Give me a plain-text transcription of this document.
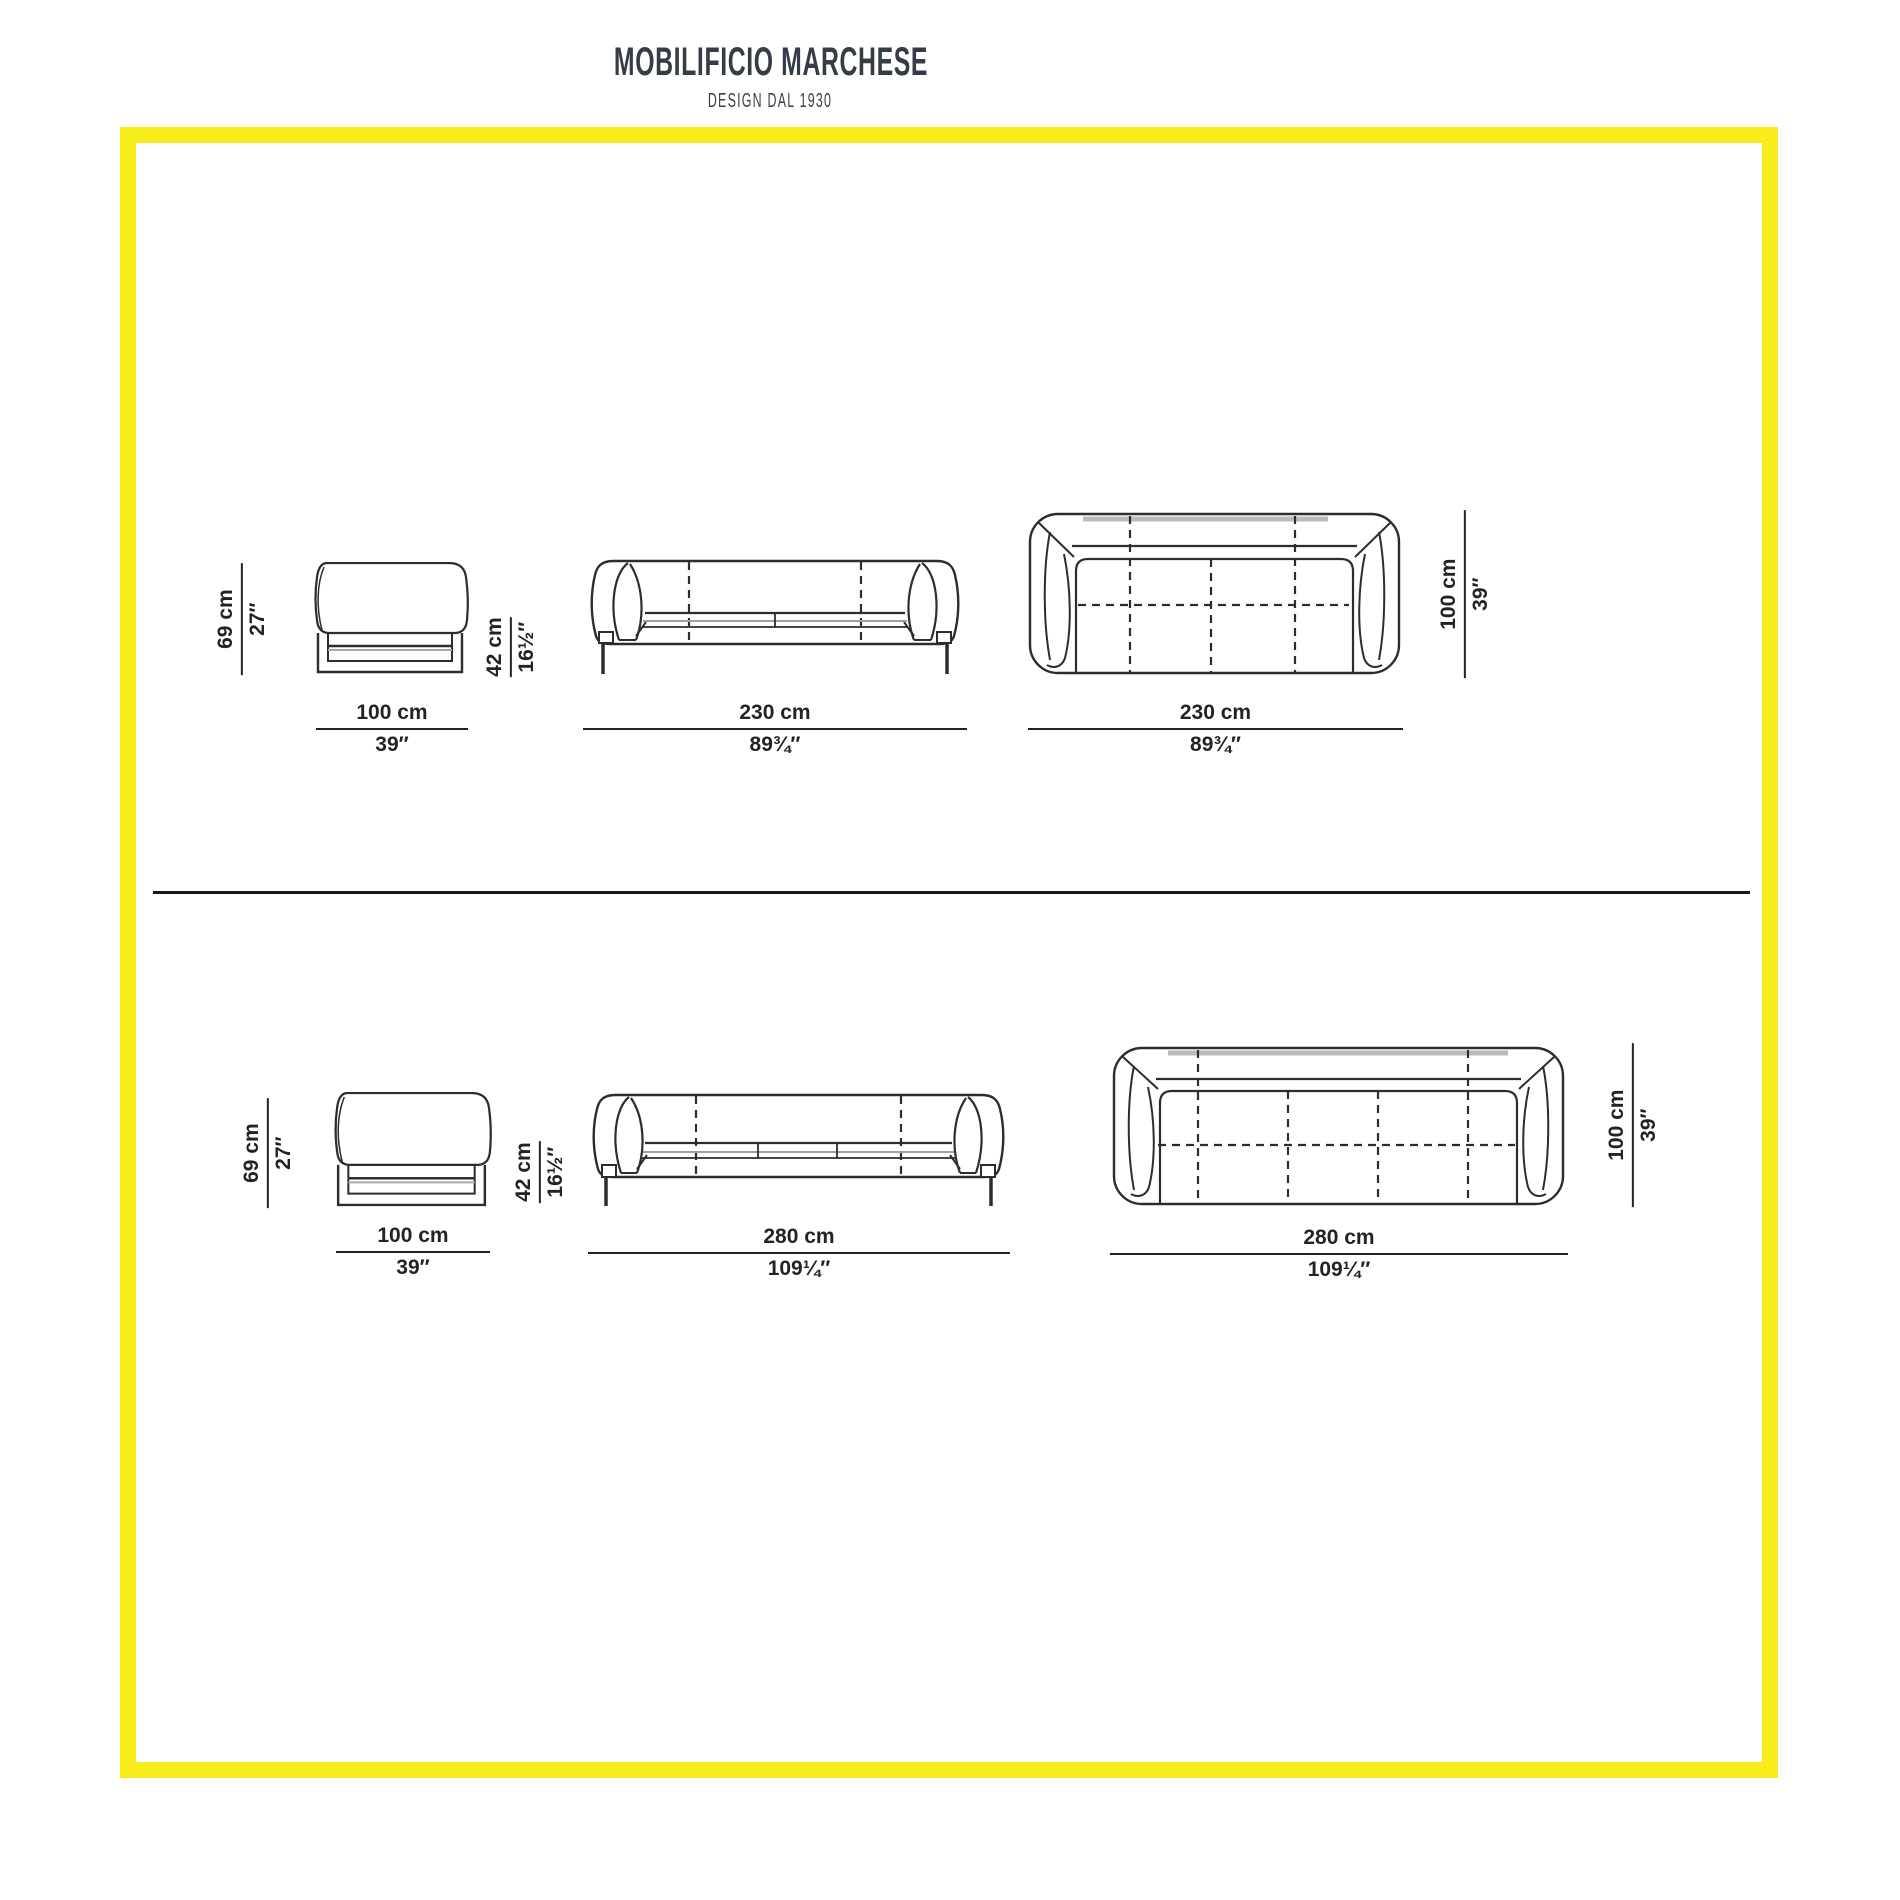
MOBILIFICIO MARCHESE
DESIGN DAL 1930
69 cm 27″
$\frac{100 cm}{39''}$
42 cm 16½″
$\frac{230 cm}{\text{89¾″}}$	$\frac{230 cm}{\text{89¾″}}$
100 cm 39″
69 cm 27″
$\frac{100 cm}{39''}$
42 cm 16½″
$\frac{280 cm}{\text{109¼″}}$	$\frac{280 cm}{\text{109¼″}}$
100 cm 39″
